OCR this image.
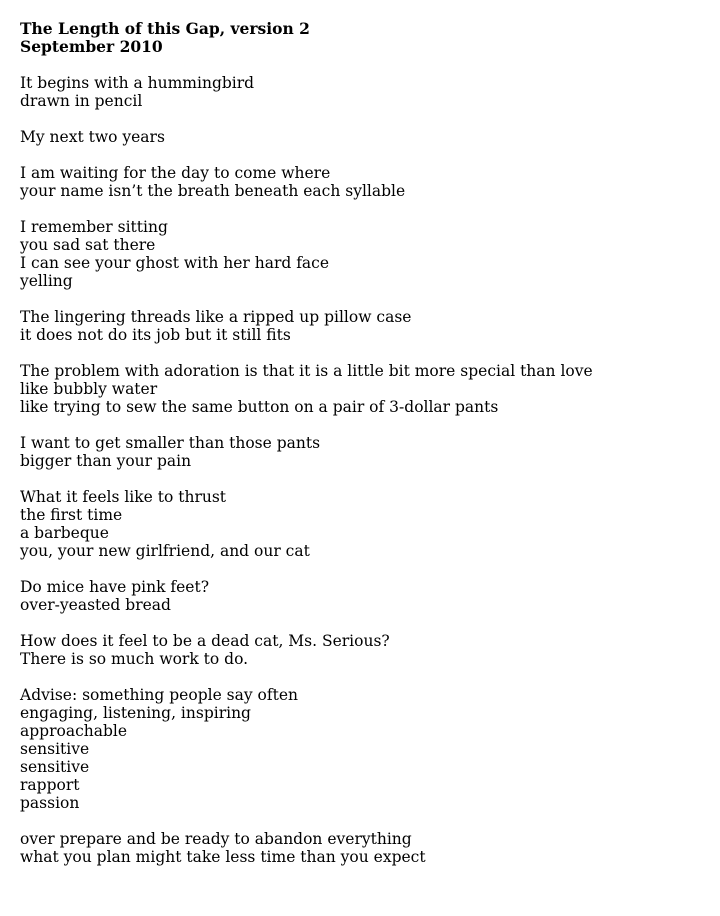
The Length of this Gap, version 2
September 2010
It begins with a hummingbird
drawn in pencil
My next two years
I am waiting for the day to come where
your name isn’t the breath beneath each syllable
I remember sitting
you sad sat there
I can see your ghost with her hard face
yelling
The lingering threads like a ripped up pillow case
it does not do its job but it still fits
The problem with adoration is that it is a little bit more special than love
like bubbly water
like trying to sew the same button on a pair of 3-dollar pants
I want to get smaller than those pants
bigger than your pain
What it feels like to thrust
the first time
a barbeque
you, your new girlfriend, and our cat
Do mice have pink feet?
over-yeasted bread
How does it feel to be a dead cat, Ms. Serious?
There is so much work to do.
Advise: something people say often
engaging, listening, inspiring
approachable
sensitive
sensitive
rapport
passion
over prepare and be ready to abandon everything
what you plan might take less time than you expect
